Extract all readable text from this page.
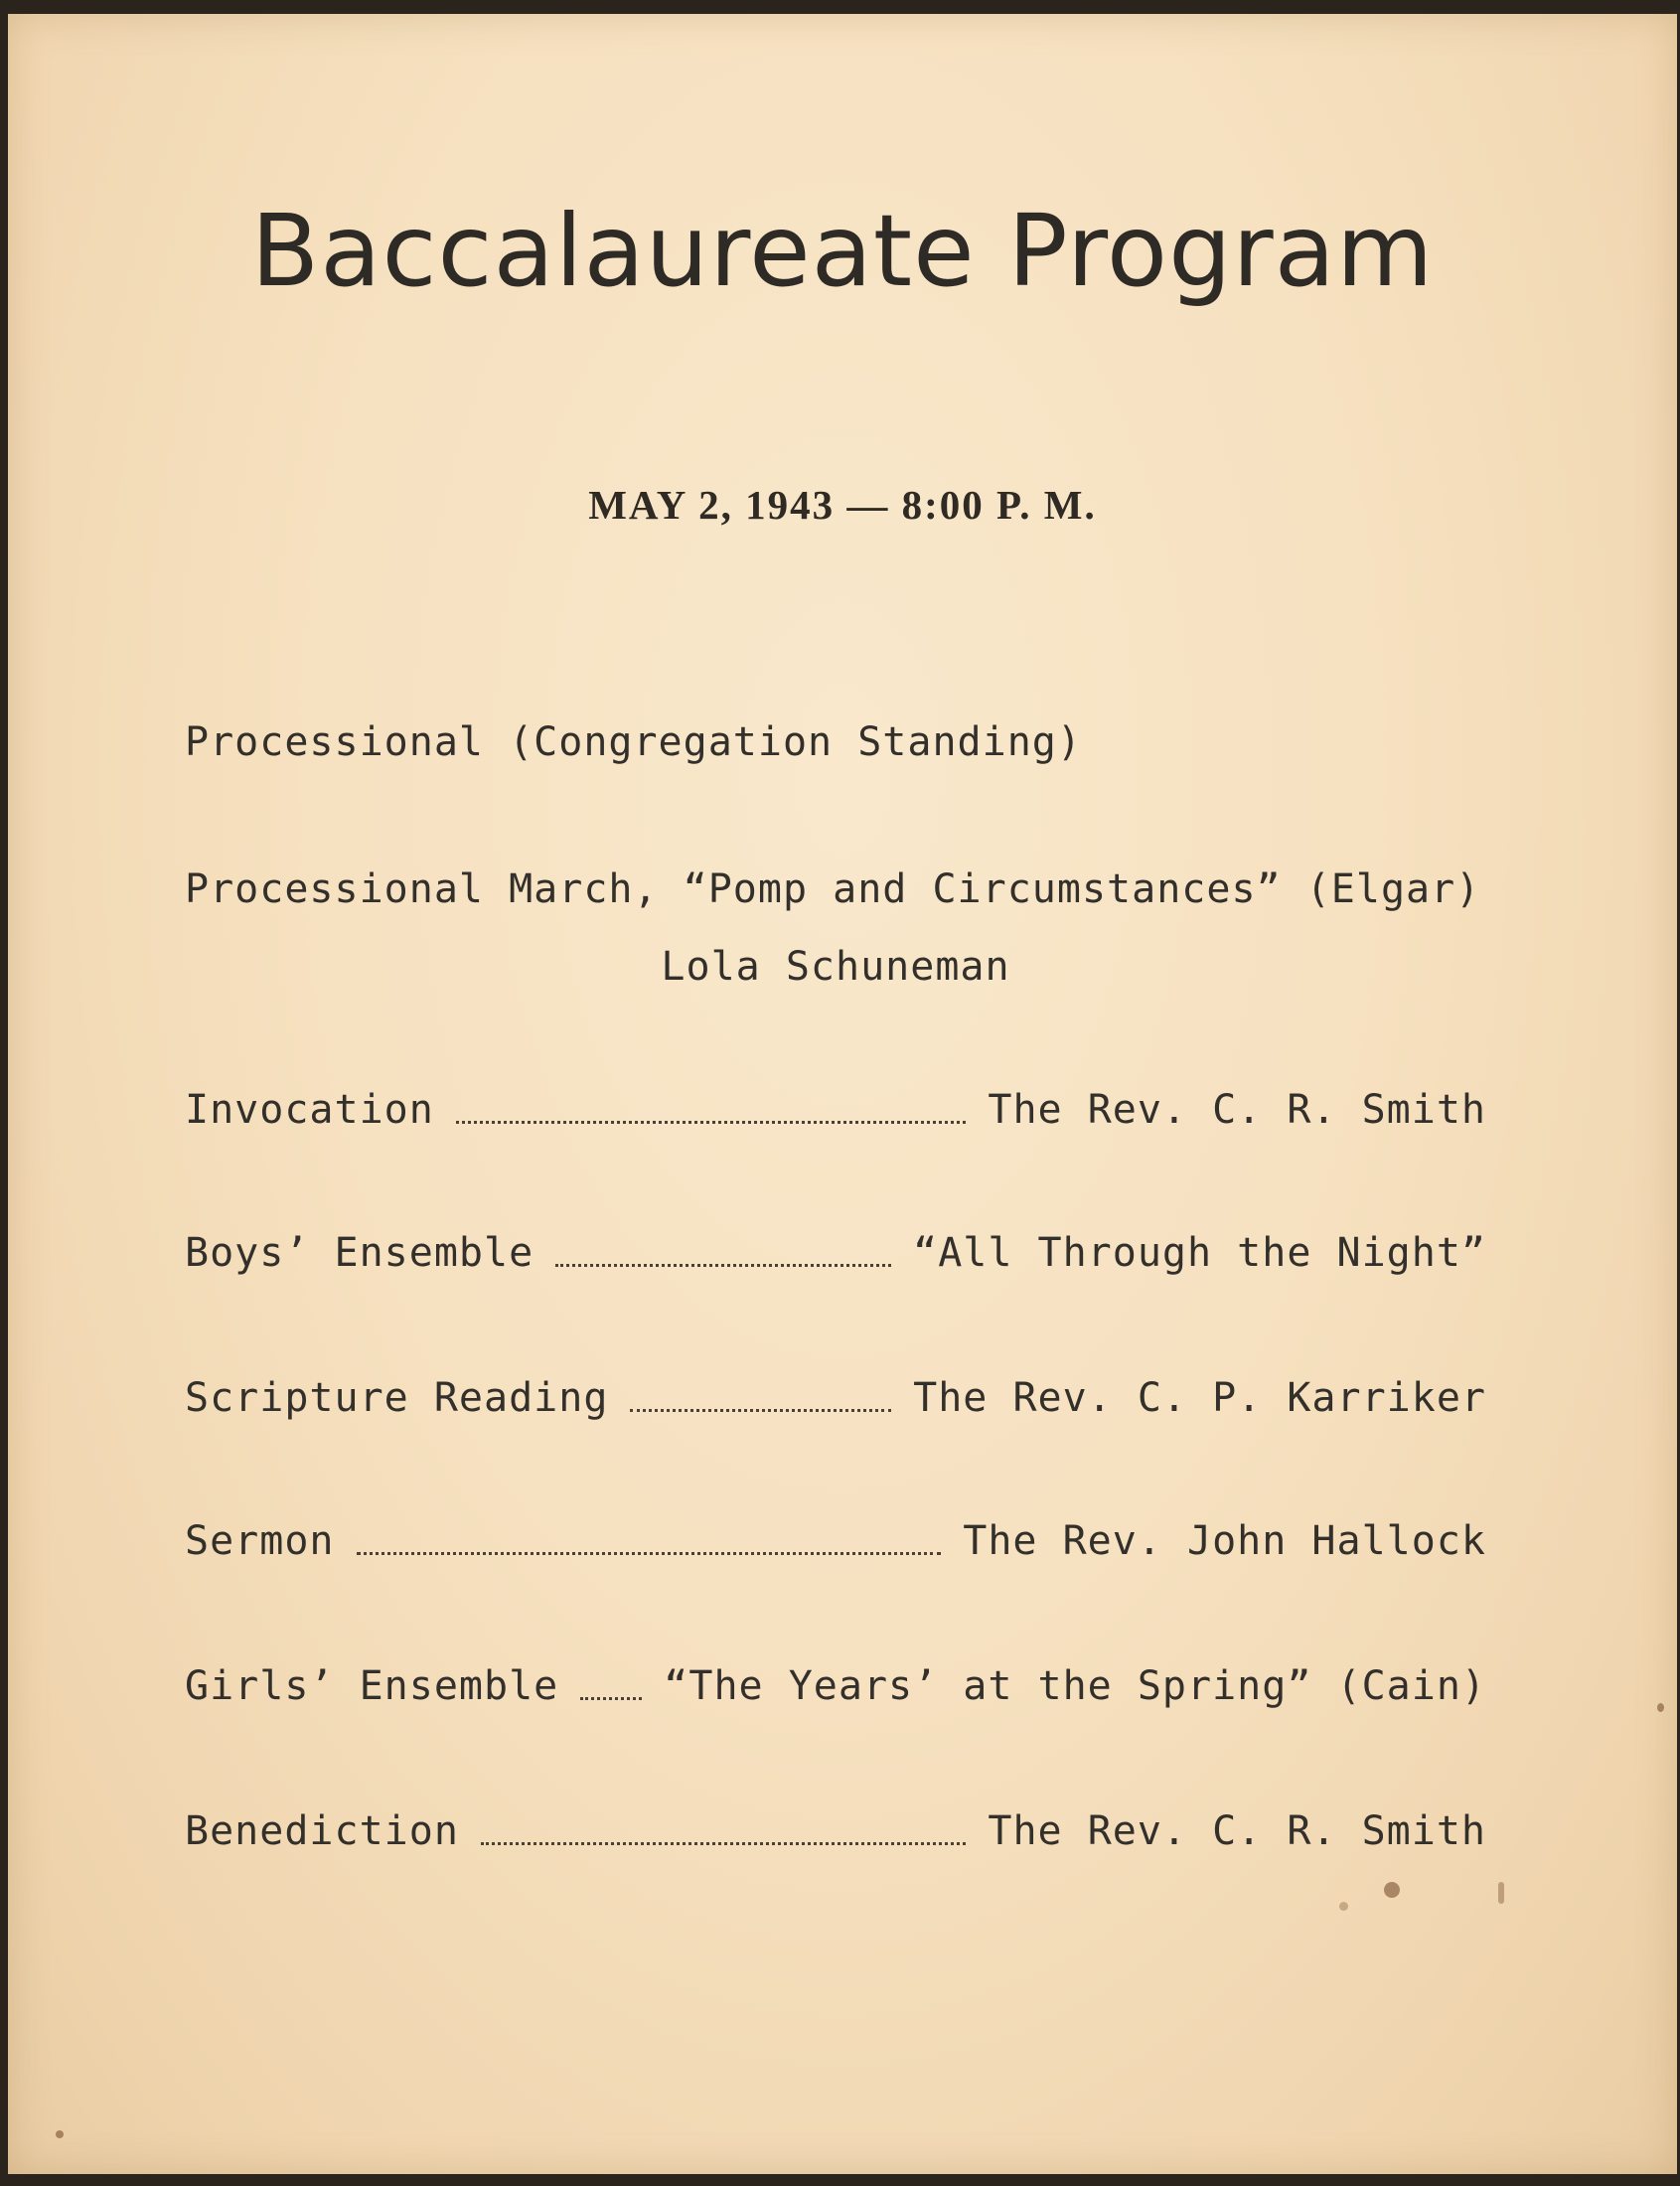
Baccalaureate Program
MAY 2, 1943 — 8:00 P. M.
Processional (Congregation Standing)
Processional March, “Pomp and Circumstances” (Elgar)
Lola Schuneman
Invocation	The Rev. C. R. Smith
Boys’ Ensemble	“All Through the Night”
Scripture Reading	The Rev. C. P. Karriker
Sermon	The Rev. John Hallock
Girls’ Ensemble	“The Years’ at the Spring” (Cain)
Benediction	The Rev. C. R. Smith
